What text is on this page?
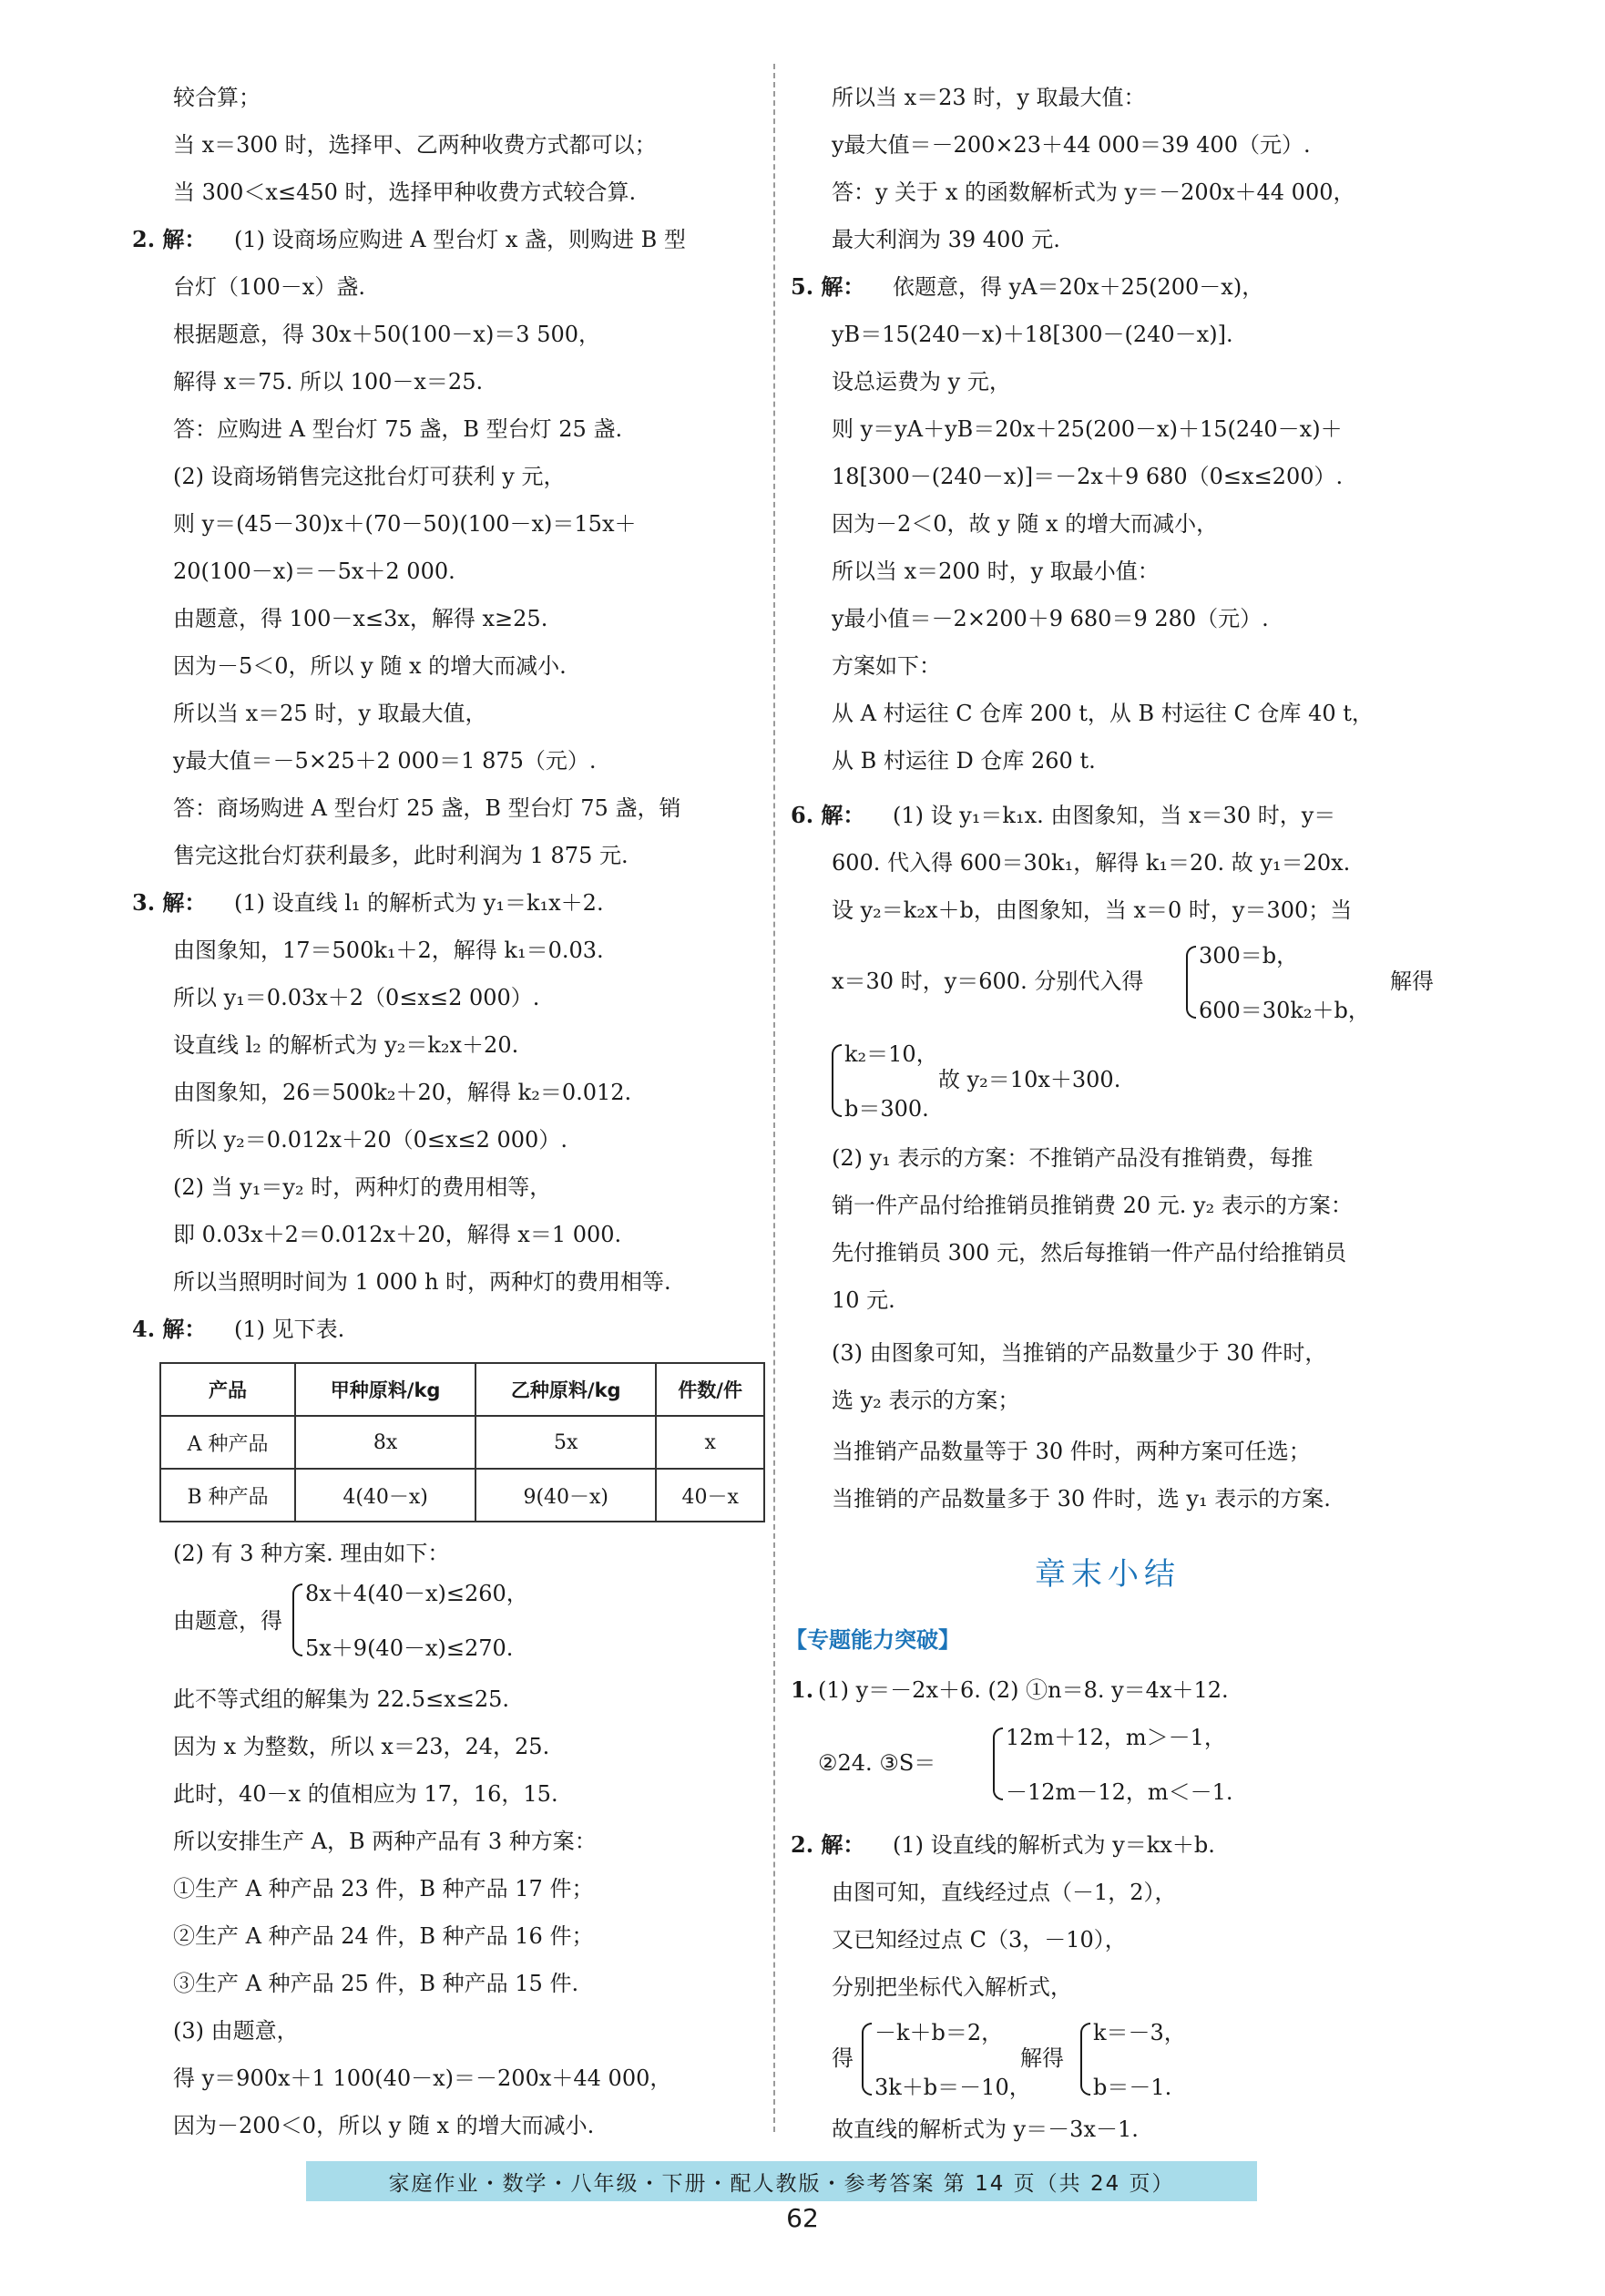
较合算；
当 x＝300 时，选择甲、乙两种收费方式都可以；
当 300＜x≤450 时，选择甲种收费方式较合算.
2. 解： (1) 设商场应购进 A 型台灯 x 盏，则购进 B 型
台灯（100－x）盏.
根据题意，得 30x＋50(100－x)＝3 500，
解得 x＝75. 所以 100－x＝25.
答：应购进 A 型台灯 75 盏，B 型台灯 25 盏.
(2) 设商场销售完这批台灯可获利 y 元，
则 y＝(45－30)x＋(70－50)(100－x)＝15x＋
20(100－x)＝－5x＋2 000.
由题意，得 100－x≤3x，解得 x≥25.
因为－5＜0，所以 y 随 x 的增大而减小.
所以当 x＝25 时，y 取最大值，
y最大值＝－5×25＋2 000＝1 875（元）.
答：商场购进 A 型台灯 25 盏，B 型台灯 75 盏，销
售完这批台灯获利最多，此时利润为 1 875 元.
3. 解： (1) 设直线 l₁ 的解析式为 y₁＝k₁x＋2.
由图象知，17＝500k₁＋2，解得 k₁＝0.03.
所以 y₁＝0.03x＋2（0≤x≤2 000）.
设直线 l₂ 的解析式为 y₂＝k₂x＋20.
由图象知，26＝500k₂＋20，解得 k₂＝0.012.
所以 y₂＝0.012x＋20（0≤x≤2 000）.
(2) 当 y₁＝y₂ 时，两种灯的费用相等，
即 0.03x＋2＝0.012x＋20，解得 x＝1 000.
所以当照明时间为 1 000 h 时，两种灯的费用相等.
4. 解： (1) 见下表.
产品	甲种原料/kg	乙种原料/kg	件数/件
A 种产品	8x	5x	x
B 种产品	4(40－x)	9(40－x)	40－x
(2) 有 3 种方案. 理由如下：
由题意，得
8x＋4(40－x)≤260，
5x＋9(40－x)≤270.
此不等式组的解集为 22.5≤x≤25.
因为 x 为整数，所以 x＝23，24，25.
此时，40－x 的值相应为 17，16，15.
所以安排生产 A，B 两种产品有 3 种方案：
①生产 A 种产品 23 件，B 种产品 17 件；
②生产 A 种产品 24 件，B 种产品 16 件；
③生产 A 种产品 25 件，B 种产品 15 件.
(3) 由题意，
得 y＝900x＋1 100(40－x)＝－200x＋44 000，
因为－200＜0，所以 y 随 x 的增大而减小.
所以当 x＝23 时，y 取最大值：
y最大值＝－200×23＋44 000＝39 400（元）.
答：y 关于 x 的函数解析式为 y＝－200x＋44 000，
最大利润为 39 400 元.
5. 解： 依题意，得 yA＝20x＋25(200－x)，
yB＝15(240－x)＋18[300－(240－x)].
设总运费为 y 元，
则 y＝yA＋yB＝20x＋25(200－x)＋15(240－x)＋
18[300－(240－x)]＝－2x＋9 680（0≤x≤200）.
因为－2＜0，故 y 随 x 的增大而减小，
所以当 x＝200 时，y 取最小值：
y最小值＝－2×200＋9 680＝9 280（元）.
方案如下：
从 A 村运往 C 仓库 200 t，从 B 村运往 C 仓库 40 t，
从 B 村运往 D 仓库 260 t.
6. 解： (1) 设 y₁＝k₁x. 由图象知，当 x＝30 时，y＝
600. 代入得 600＝30k₁，解得 k₁＝20. 故 y₁＝20x.
设 y₂＝k₂x＋b，由图象知，当 x＝0 时，y＝300；当
x＝30 时，y＝600. 分别代入得
300＝b，
600＝30k₂＋b，
解得
k₂＝10，
b＝300.
故 y₂＝10x＋300.
(2) y₁ 表示的方案：不推销产品没有推销费，每推
销一件产品付给推销员推销费 20 元. y₂ 表示的方案：
先付推销员 300 元，然后每推销一件产品付给推销员
10 元.
(3) 由图象可知，当推销的产品数量少于 30 件时，
选 y₂ 表示的方案；
当推销产品数量等于 30 件时，两种方案可任选；
当推销的产品数量多于 30 件时，选 y₁ 表示的方案.
章末小结
【专题能力突破】
1. (1) y＝－2x＋6. (2) ①n＝8. y＝4x＋12.
②24. ③S＝
12m＋12，m＞－1，
－12m－12，m＜－1.
2. 解： (1) 设直线的解析式为 y＝kx＋b.
由图可知，直线经过点（－1，2），
又已知经过点 C（3，－10），
分别把坐标代入解析式，
得
－k＋b＝2，
3k＋b＝－10，
解得
k＝－3，
b＝－1.
故直线的解析式为 y＝－3x－1.
家庭作业・数学・八年级・下册・配人教版・参考答案 第 14 页（共 24 页）
62
